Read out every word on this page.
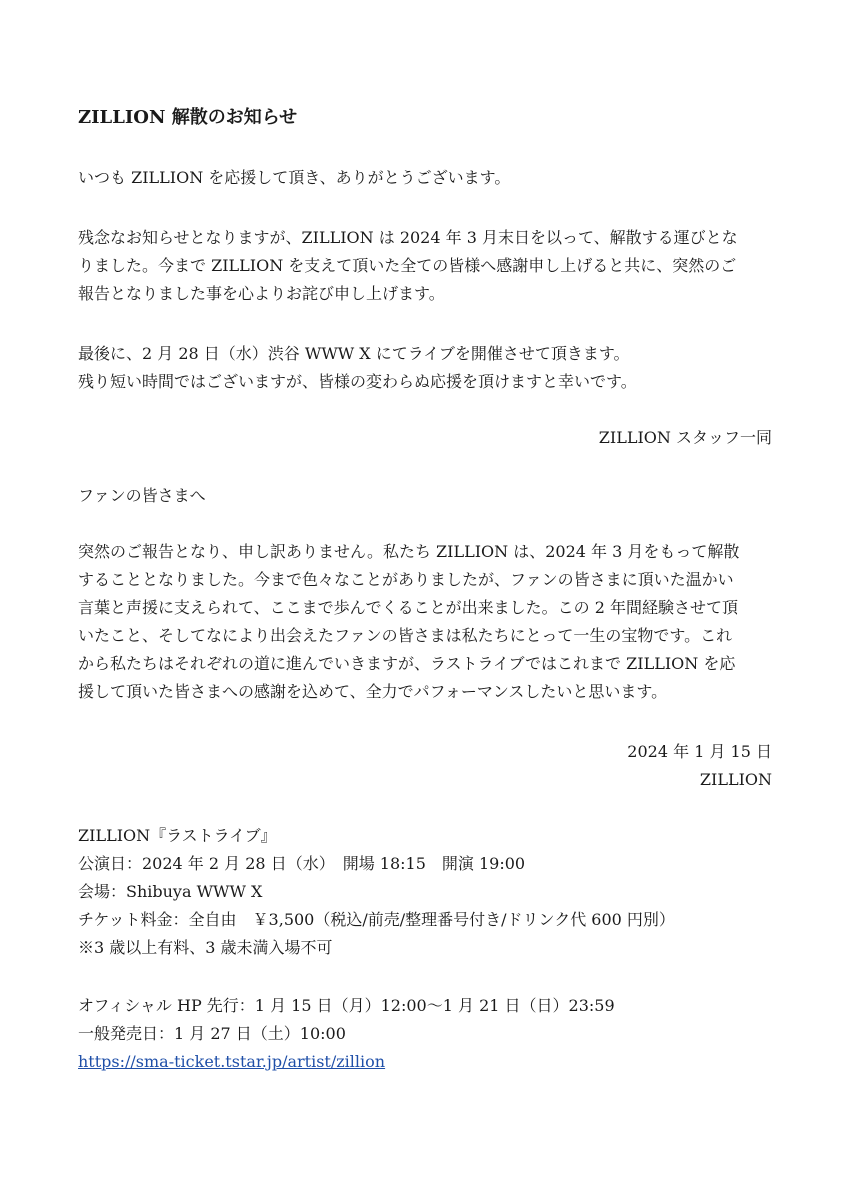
ZILLION 解散のお知らせ
いつも ZILLION を応援して頂き、ありがとうございます。
残念なお知らせとなりますが、ZILLION は 2024 年 3 月末日を以って、解散する運びとな
りました。今まで ZILLION を支えて頂いた全ての皆様へ感謝申し上げると共に、突然のご
報告となりました事を心よりお詫び申し上げます。
最後に、2 月 28 日（水）渋谷 WWW X にてライブを開催させて頂きます。
残り短い時間ではございますが、皆様の変わらぬ応援を頂けますと幸いです。
ZILLION スタッフ一同
ファンの皆さまへ
突然のご報告となり、申し訳ありません。私たち ZILLION は、2024 年 3 月をもって解散
することとなりました。今まで色々なことがありましたが、ファンの皆さまに頂いた温かい
言葉と声援に支えられて、ここまで歩んでくることが出来ました。この 2 年間経験させて頂
いたこと、そしてなにより出会えたファンの皆さまは私たちにとって一生の宝物です。これ
から私たちはそれぞれの道に進んでいきますが、ラストライブではこれまで ZILLION を応
援して頂いた皆さまへの感謝を込めて、全力でパフォーマンスしたいと思います。
2024 年 1 月 15 日
ZILLION
ZILLION『ラストライブ』
公演日：2024 年 2 月 28 日（水）　開場 18:15　開演 19:00
会場：Shibuya WWW X
チケット料金：全自由　￥3,500（税込/前売/整理番号付き/ドリンク代 600 円別）
※3 歳以上有料、3 歳未満入場不可
オフィシャル HP 先行：1 月 15 日（月）12:00〜1 月 21 日（日）23:59
一般発売日：1 月 27 日（土）10:00
https://sma-ticket.tstar.jp/artist/zillion
